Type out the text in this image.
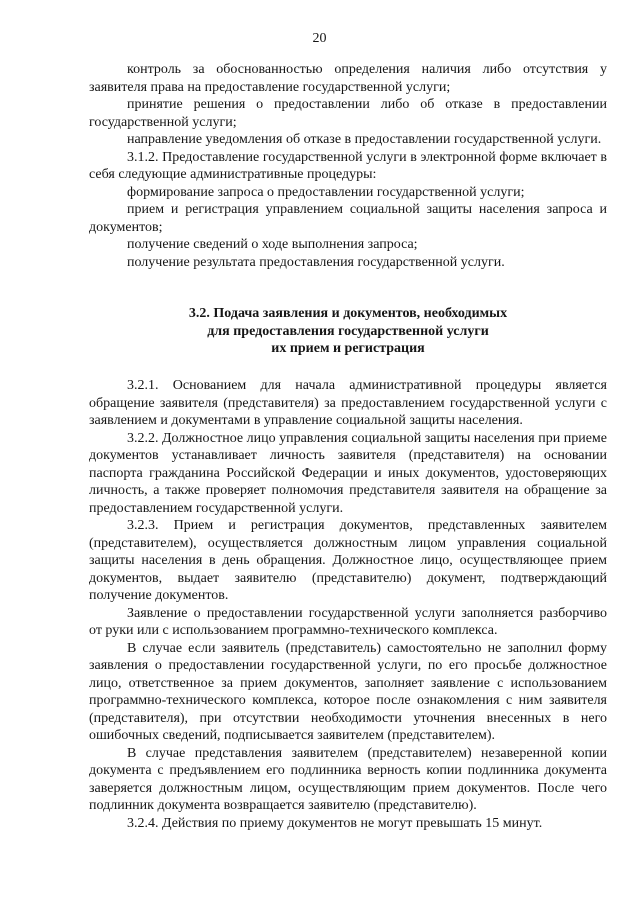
20

контроль за обоснованностью определения наличия либо отсутствия у заявителя права на предоставление государственной услуги;

принятие решения о предоставлении либо об отказе в предоставлении государственной услуги;

направление уведомления об отказе в предоставлении государственной услуги.

3.1.2. Предоставление государственной услуги в электронной форме включает в себя следующие административные процедуры:

формирование запроса о предоставлении государственной услуги;

прием и регистрация управлением социальной защиты населения запроса и документов;

получение сведений о ходе выполнения запроса;

получение результата предоставления государственной услуги.

3.2. Подача заявления и документов, необходимых
для предоставления государственной услуги
их прием и регистрация

3.2.1. Основанием для начала административной процедуры является обращение заявителя (представителя) за предоставлением государственной услуги с заявлением и документами в управление социальной защиты населения.

3.2.2. Должностное лицо управления социальной защиты населения при приеме документов устанавливает личность заявителя (представителя) на основании паспорта гражданина Российской Федерации и иных документов, удостоверяющих личность, а также проверяет полномочия представителя заявителя на обращение за предоставлением государственной услуги.

3.2.3. Прием и регистрация документов, представленных заявителем (представителем), осуществляется должностным лицом управления социальной защиты населения в день обращения. Должностное лицо, осуществляющее прием документов, выдает заявителю (представителю) документ, подтверждающий получение документов.

Заявление о предоставлении государственной услуги заполняется разборчиво от руки или с использованием программно-технического комплекса.

В случае если заявитель (представитель) самостоятельно не заполнил форму заявления о предоставлении государственной услуги, по его просьбе должностное лицо, ответственное за прием документов, заполняет заявление с использованием программно-технического комплекса, которое после ознакомления с ним заявителя (представителя), при отсутствии необходимости уточнения внесенных в него ошибочных сведений, подписывается заявителем (представителем).

В случае представления заявителем (представителем) незаверенной копии документа с предъявлением его подлинника верность копии подлинника документа заверяется должностным лицом, осуществляющим прием документов. После чего подлинник документа возвращается заявителю (представителю).

3.2.4. Действия по приему документов не могут превышать 15 минут.
